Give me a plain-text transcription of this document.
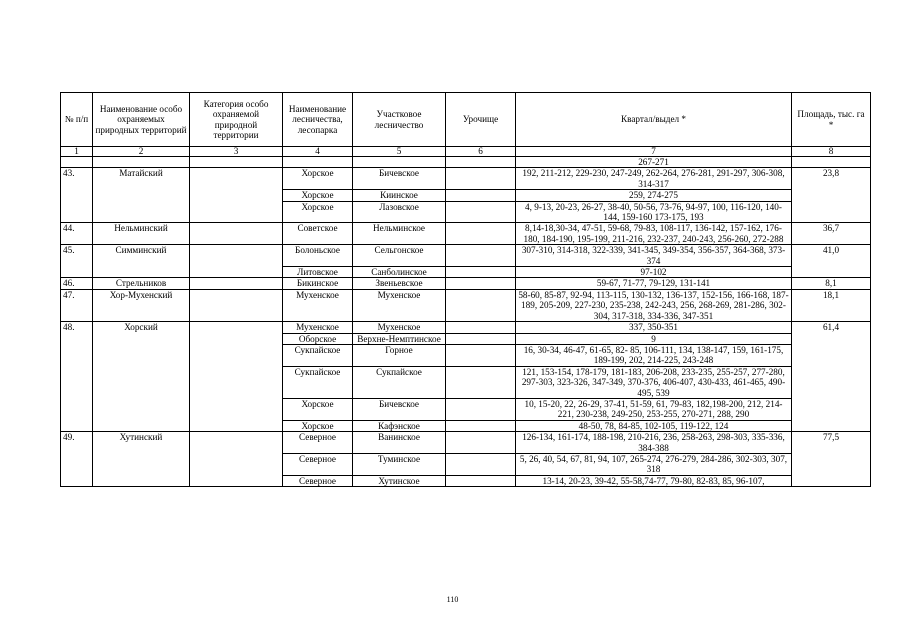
№ п/п	Наименование особо охраняемых природных территорий	Категория особо охраняемой природной территории	Наименование лесничества, лесопарка	Участковое лесничество	Урочище	Квартал/выдел *	Площадь, тыс. га *
1	2	3	4	5	6	7	8
						267-271	
43.	Матайский		Хорское	Бичевское		192, 211-212, 229-230, 247-249, 262-264, 276-281, 291-297, 306-308, 314-317	23,8
			Хорское	Киинское		259, 274-275	
			Хорское	Лазовское		4, 9-13, 20-23, 26-27, 38-40, 50-56, 73-76, 94-97, 100, 116-120, 140-144, 159-160 173-175, 193	
44.	Нельминский		Советское	Нельминское		8,14-18,30-34, 47-51, 59-68, 79-83, 108-117, 136-142, 157-162, 176-180, 184-190, 195-199, 211-216, 232-237, 240-243, 256-260, 272-288	36,7
45.	Симминский		Болоньское	Сельгонское		307-310, 314-318, 322-339, 341-345, 349-354, 356-357, 364-368, 373-374	41,0
			Литовское	Санболинское		97-102	
46.	Стрельников		Бикинское	Звеньевское		59-67, 71-77, 79-129, 131-141	8,1
47.	Хор-Мухенский		Мухенское	Мухенское		58-60, 85-87, 92-94, 113-115, 130-132, 136-137, 152-156, 166-168, 187-189, 205-209, 227-230, 235-238, 242-243, 256, 268-269, 281-286, 302-304, 317-318, 334-336, 347-351	18,1
48.	Хорский		Мухенское	Мухенское		337, 350-351	61,4
			Оборское	Верхне-Немптинское		9	
			Сукпайское	Горное		16, 30-34, 46-47, 61-65, 82- 85, 106-111, 134, 138-147, 159, 161-175, 189-199, 202, 214-225, 243-248	
			Сукпайское	Сукпайское		121, 153-154, 178-179, 181-183, 206-208, 233-235, 255-257, 277-280, 297-303, 323-326, 347-349, 370-376, 406-407, 430-433, 461-465, 490-495, 539	
			Хорское	Бичевское		10, 15-20, 22, 26-29, 37-41, 51-59, 61, 79-83, 182,198-200, 212, 214-221, 230-238, 249-250, 253-255, 270-271, 288, 290	
			Хорское	Кафэнское		48-50, 78, 84-85, 102-105, 119-122, 124	
49.	Хутинский		Северное	Ванинское		126-134, 161-174, 188-198, 210-216, 236, 258-263, 298-303, 335-336, 384-388	77,5
			Северное	Туминское		5, 26, 40, 54, 67, 81, 94, 107, 265-274, 276-279, 284-286, 302-303, 307, 318	
			Северное	Хутинское		13-14, 20-23, 39-42, 55-58,74-77, 79-80, 82-83, 85, 96-107,	
110
